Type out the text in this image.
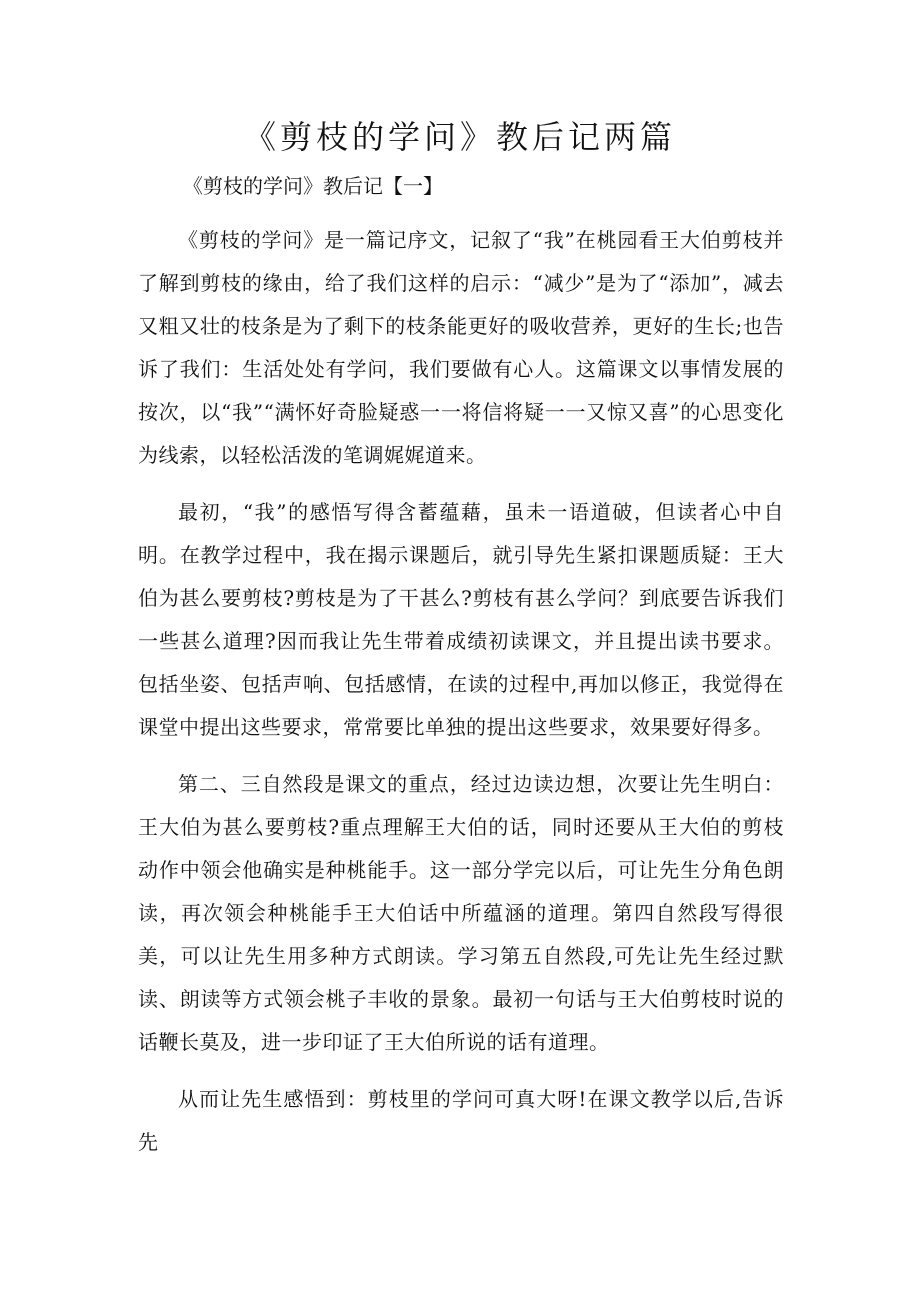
《剪枝的学问》教后记两篇

《剪枝的学问》教后记【一】

《剪枝的学问》是一篇记序文，记叙了“我”在桃园看王大伯剪枝并了解到剪枝的缘由，给了我们这样的启示：“减少”是为了“添加”，减去又粗又壮的枝条是为了剩下的枝条能更好的吸收营养，更好的生长;也告诉了我们：生活处处有学问，我们要做有心人。这篇课文以事情发展的按次，以“我”“满怀好奇脸疑惑一一将信将疑一一又惊又喜”的心思变化为线索，以轻松活泼的笔调娓娓道来。

最初，“我”的感悟写得含蓄蕴藉，虽未一语道破，但读者心中自明。在教学过程中，我在揭示课题后，就引导先生紧扣课题质疑：王大伯为甚么要剪枝?剪枝是为了干甚么?剪枝有甚么学问？到底要告诉我们一些甚么道理?因而我让先生带着成绩初读课文，并且提出读书要求。包括坐姿、包括声响、包括感情，在读的过程中,再加以修正，我觉得在课堂中提出这些要求，常常要比单独的提出这些要求，效果要好得多。

第二、三自然段是课文的重点，经过边读边想，次要让先生明白：王大伯为甚么要剪枝?重点理解王大伯的话，同时还要从王大伯的剪枝动作中领会他确实是种桃能手。这一部分学完以后，可让先生分角色朗读，再次领会种桃能手王大伯话中所蕴涵的道理。第四自然段写得很美，可以让先生用多种方式朗读。学习第五自然段,可先让先生经过默读、朗读等方式领会桃子丰收的景象。最初一句话与王大伯剪枝时说的话鞭长莫及，进一步印证了王大伯所说的话有道理。

从而让先生感悟到：剪枝里的学问可真大呀!在课文教学以后,告诉先
